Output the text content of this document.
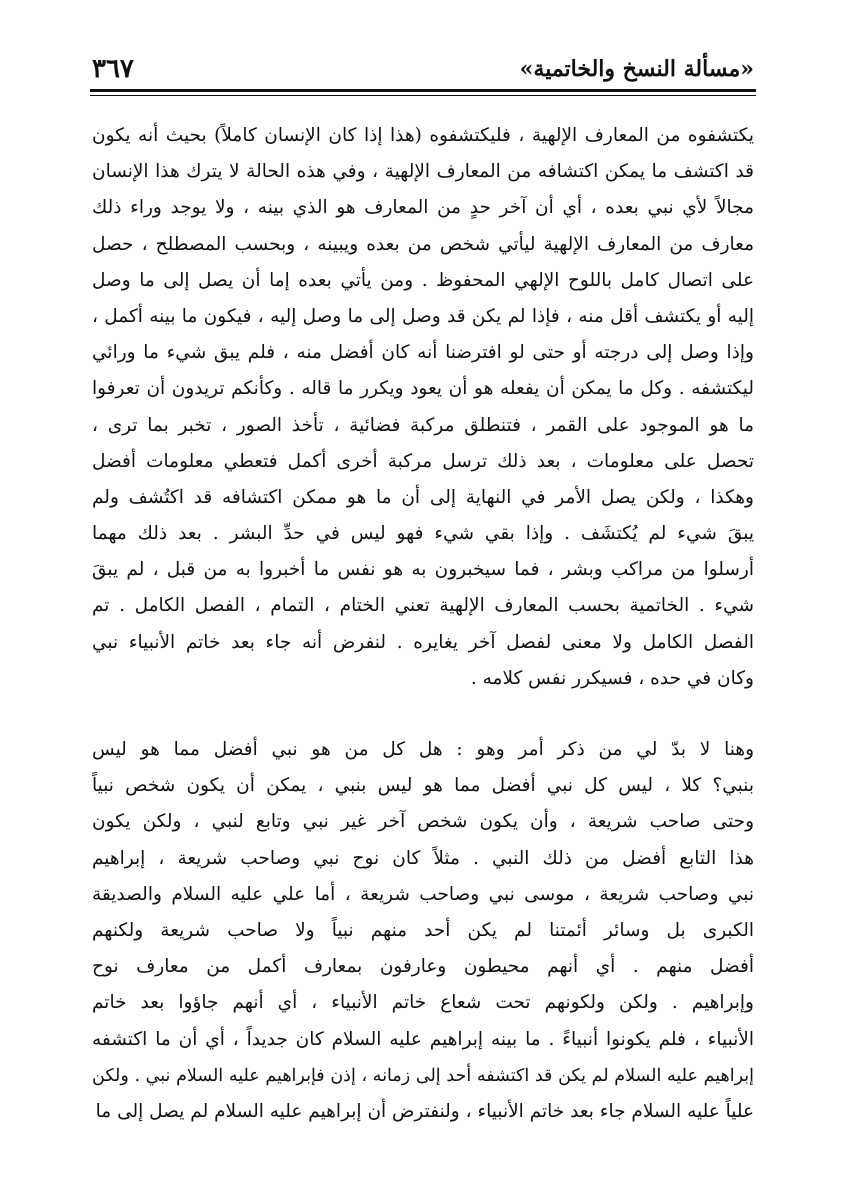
٣٦٧	«مسألة النسخ والخاتمية»
يكتشفوه من المعارف الإلهية ، فليكتشفوه (هذا إذا كان الإنسان كاملاً) بحيث أنه يكون
قد اكتشف ما يمكن اكتشافه من المعارف الإلهية ، وفي هذه الحالة لا يترك هذا الإنسان
مجالاً لأي نبي بعده ، أي أن آخر حدٍ من المعارف هو الذي بينه ، ولا يوجد وراء ذلك
معارف من المعارف الإلهية ليأتي شخص من بعده ويبينه ، وبحسب المصطلح ، حصل
على اتصال كامل باللوح الإلهي المحفوظ . ومن يأتي بعده إما أن يصل إلى ما وصل
إليه أو يكتشف أقل منه ، فإذا لم يكن قد وصل إلى ما وصل إليه ، فيكون ما بينه أكمل ،
وإذا وصل إلى درجته أو حتى لو افترضنا أنه كان أفضل منه ، فلم يبق شيء ما ورائي
ليكتشفه . وكل ما يمكن أن يفعله هو أن يعود ويكرر ما قاله . وكأنكم تريدون أن تعرفوا
ما هو الموجود على القمر ، فتنطلق مركبة فضائية ، تأخذ الصور ، تخبر بما ترى ،
تحصل على معلومات ، بعد ذلك ترسل مركبة أخرى أكمل فتعطي معلومات أفضل
وهكذا ، ولكن يصل الأمر في النهاية إلى أن ما هو ممكن اكتشافه قد اكتُشف ولم
يبقَ شيء لم يُكتشَف . وإذا بقي شيء فهو ليس في حدِّ البشر . بعد ذلك مهما
أرسلوا من مراكب وبشر ، فما سيخبرون به هو نفس ما أخبروا به من قبل ، لم يبقَ
شيء . الخاتمية بحسب المعارف الإلهية تعني الختام ، التمام ، الفصل الكامل . تم
الفصل الكامل ولا معنى لفصل آخر يغايره . لنفرض أنه جاء بعد خاتم الأنبياء نبي
وكان في حده ، فسيكرر نفس كلامه .
وهنا لا بدّ لي من ذكر أمر وهو : هل كل من هو نبي أفضل مما هو ليس
بنبي؟ كلا ، ليس كل نبي أفضل مما هو ليس بنبي ، يمكن أن يكون شخص نبياً
وحتى صاحب شريعة ، وأن يكون شخص آخر غير نبي وتابع لنبي ، ولكن يكون
هذا التابع أفضل من ذلك النبي . مثلاً كان نوح نبي وصاحب شريعة ، إبراهيم
نبي وصاحب شريعة ، موسى نبي وصاحب شريعة ، أما علي عليه السلام والصديقة
الكبرى بل وسائر أئمتنا لم يكن أحد منهم نبياً ولا صاحب شريعة ولكنهم
أفضل منهم . أي أنهم محيطون وعارفون بمعارف أكمل من معارف نوح
وإبراهيم . ولكن ولكونهم تحت شعاع خاتم الأنبياء ، أي أنهم جاؤوا بعد خاتم
الأنبياء ، فلم يكونوا أنبياءً . ما بينه إبراهيم عليه السلام كان جديداً ، أي أن ما اكتشفه
إبراهيم عليه السلام لم يكن قد اكتشفه أحد إلى زمانه ، إذن فإبراهيم عليه السلام نبي . ولكن
علياً عليه السلام جاء بعد خاتم الأنبياء ، ولنفترض أن إبراهيم عليه السلام لم يصل إلى ما
